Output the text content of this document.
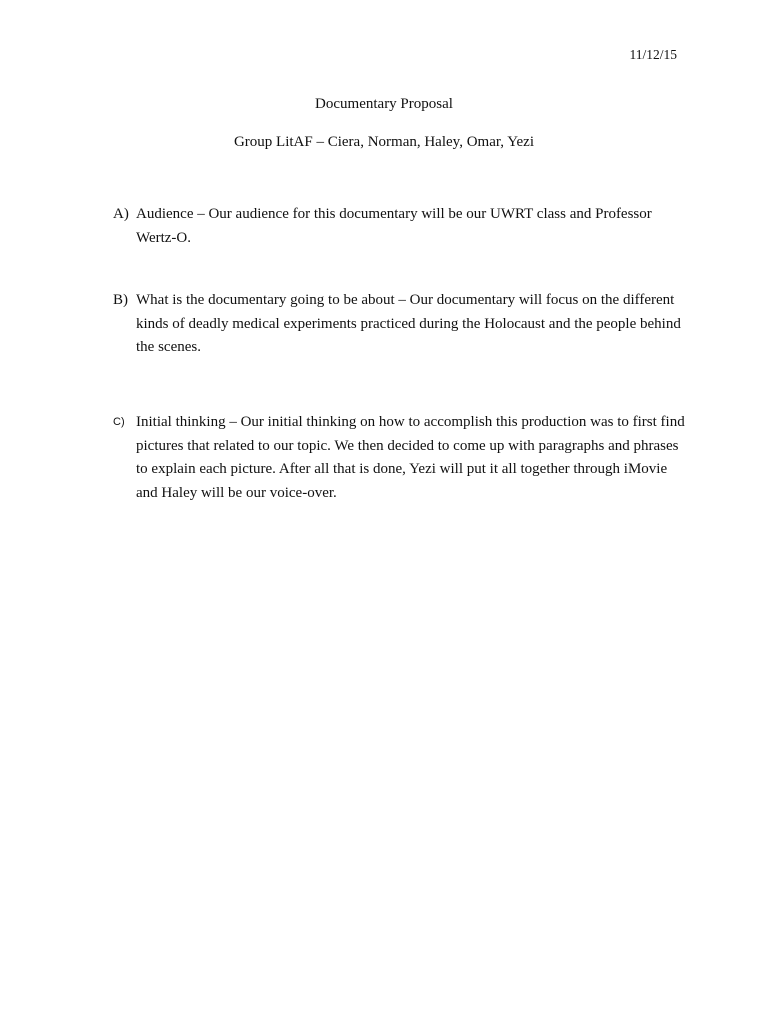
11/12/15
Documentary Proposal
Group LitAF – Ciera, Norman, Haley, Omar, Yezi
A) Audience – Our audience for this documentary will be our UWRT class and Professor Wertz-O.
B) What is the documentary going to be about – Our documentary will focus on the different kinds of deadly medical experiments practiced during the Holocaust and the people behind the scenes.
C) Initial thinking – Our initial thinking on how to accomplish this production was to first find pictures that related to our topic. We then decided to come up with paragraphs and phrases to explain each picture. After all that is done, Yezi will put it all together through iMovie and Haley will be our voice-over.
